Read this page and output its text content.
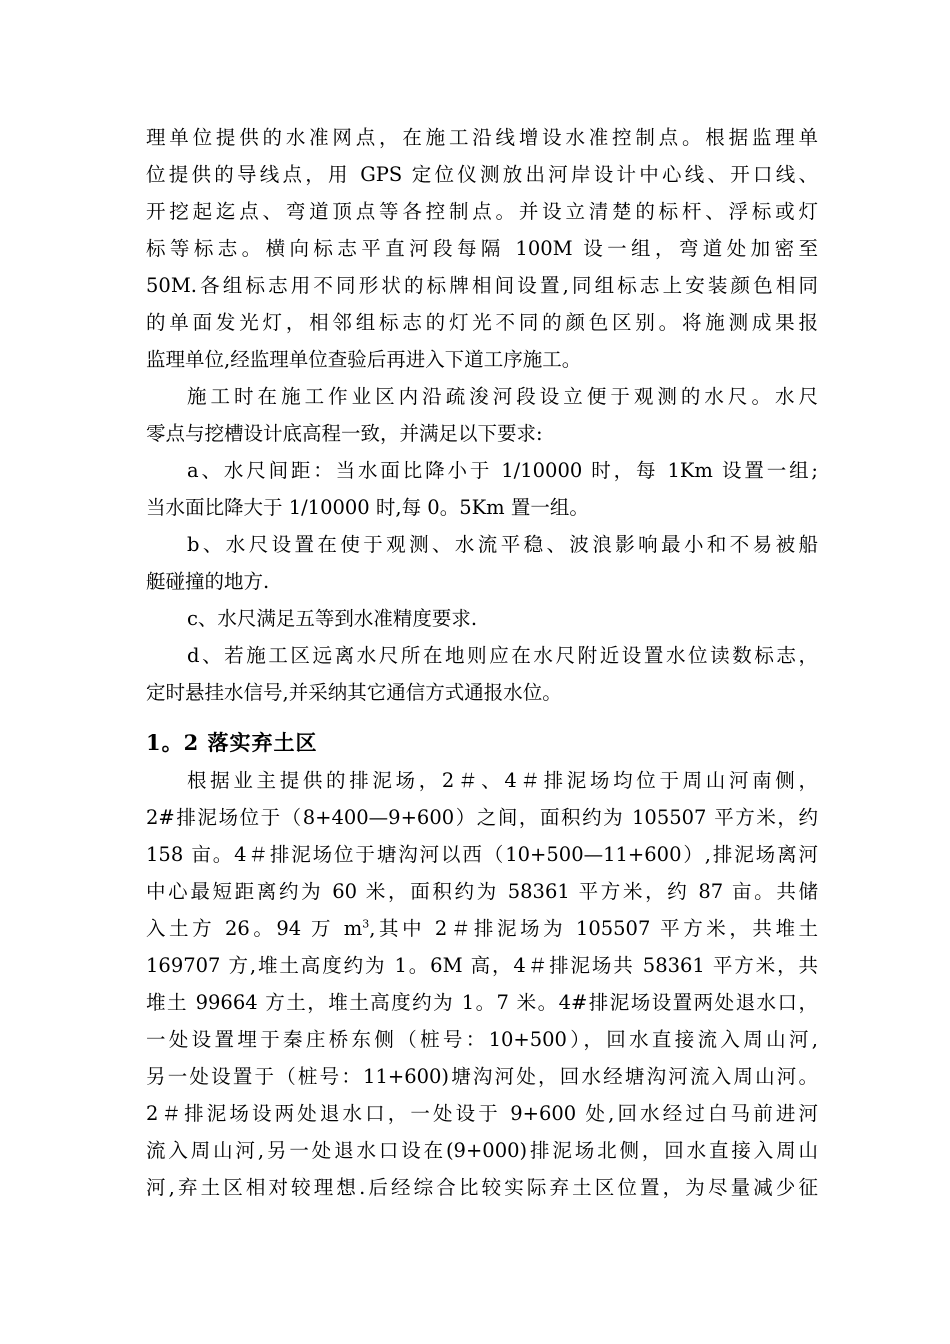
理单位提供的水准网点，在施工沿线增设水准控制点。根据监理单
位提供的导线点，用 GPS 定位仪测放出河岸设计中心线、开口线、
开挖起迄点、弯道顶点等各控制点。并设立清楚的标杆、浮标或灯
标等标志。横向标志平直河段每隔 100M 设一组，弯道处加密至
50M.各组标志用不同形状的标牌相间设置,同组标志上安装颜色相同
的单面发光灯，相邻组标志的灯光不同的颜色区别。将施测成果报
监理单位,经监理单位查验后再进入下道工序施工。
施工时在施工作业区内沿疏浚河段设立便于观测的水尺。水尺
零点与挖槽设计底高程一致，并满足以下要求:
a、水尺间距：当水面比降小于 1/10000 时，每 1Km 设置一组;
当水面比降大于 1/10000 时,每 0。5Km 置一组。
b、水尺设置在使于观测、水流平稳、波浪影响最小和不易被船
艇碰撞的地方.
c、水尺满足五等到水准精度要求.
d、若施工区远离水尺所在地则应在水尺附近设置水位读数标志，
定时悬挂水信号,并采纳其它通信方式通报水位。
1。2 落实弃土区
根据业主提供的排泥场，2＃、4＃排泥场均位于周山河南侧，
2#排泥场位于（8+400—9+600）之间，面积约为 105507 平方米，约
158 亩。4＃排泥场位于塘沟河以西（10+500—11+600）,排泥场离河
中心最短距离约为 60 米，面积约为 58361 平方米，约 87 亩。共储
入土方 26。94 万 $m^3$,其中 2＃排泥场为 105507 平方米，共堆土
169707 方,堆土高度约为 1。6M 高，4＃排泥场共 58361 平方米，共
堆土 99664 方土，堆土高度约为 1。7 米。4#排泥场设置两处退水口，
一处设置埋于秦庄桥东侧（桩号：10+500），回水直接流入周山河,
另一处设置于（桩号：11+600)塘沟河处，回水经塘沟河流入周山河。
2＃排泥场设两处退水口，一处设于 9+600 处,回水经过白马前进河
流入周山河,另一处退水口设在(9+000)排泥场北侧，回水直接入周山
河,弃土区相对较理想.后经综合比较实际弃土区位置，为尽量减少征
